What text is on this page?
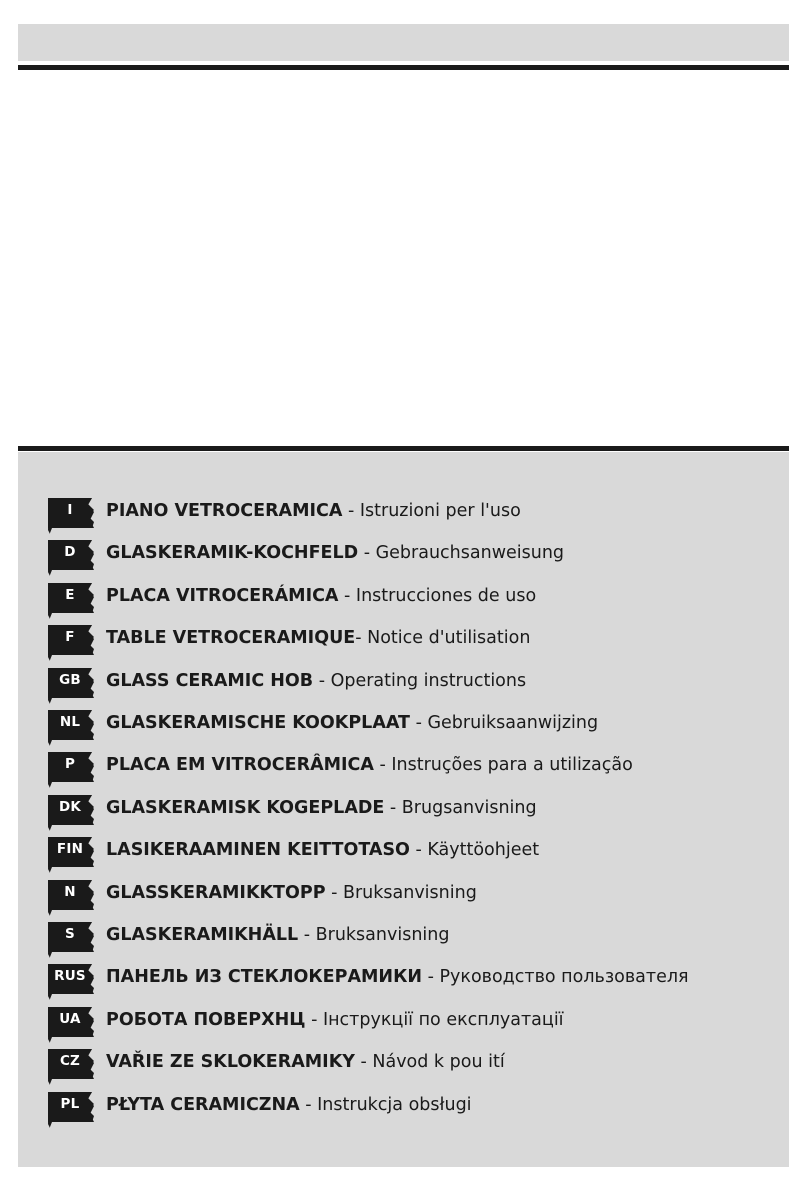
I	PIANO VETROCERAMICA - Istruzioni per l'uso
D	GLASKERAMIK-KOCHFELD - Gebrauchsanweisung
E	PLACA VITROCERÁMICA - Instrucciones de uso
F	TABLE VETROCERAMIQUE- Notice d'utilisation
GB	GLASS CERAMIC HOB - Operating instructions
NL	GLASKERAMISCHE KOOKPLAAT - Gebruiksaanwijzing
P	PLACA EM VITROCERÂMICA - Instruções para a utilização
DK	GLASKERAMISK KOGEPLADE - Brugsanvisning
FIN	LASIKERAAMINEN KEITTOTASO - Käyttöohjeet
N	GLASSKERAMIKKTOPP - Bruksanvisning
S	GLASKERAMIKHÄLL - Bruksanvisning
RUS	ПАНЕЛЬ ИЗ СТЕКЛОКЕРАМИКИ - Руководство пользователя
UA	РОБОТА ПОВЕРХНЦ - Інструкції по експлуатації
CZ	VAŘIE ZE SKLOKERAMIKY - Návod k pou ití
PL	PŁYTA CERAMICZNA - Instrukcja obsługi
